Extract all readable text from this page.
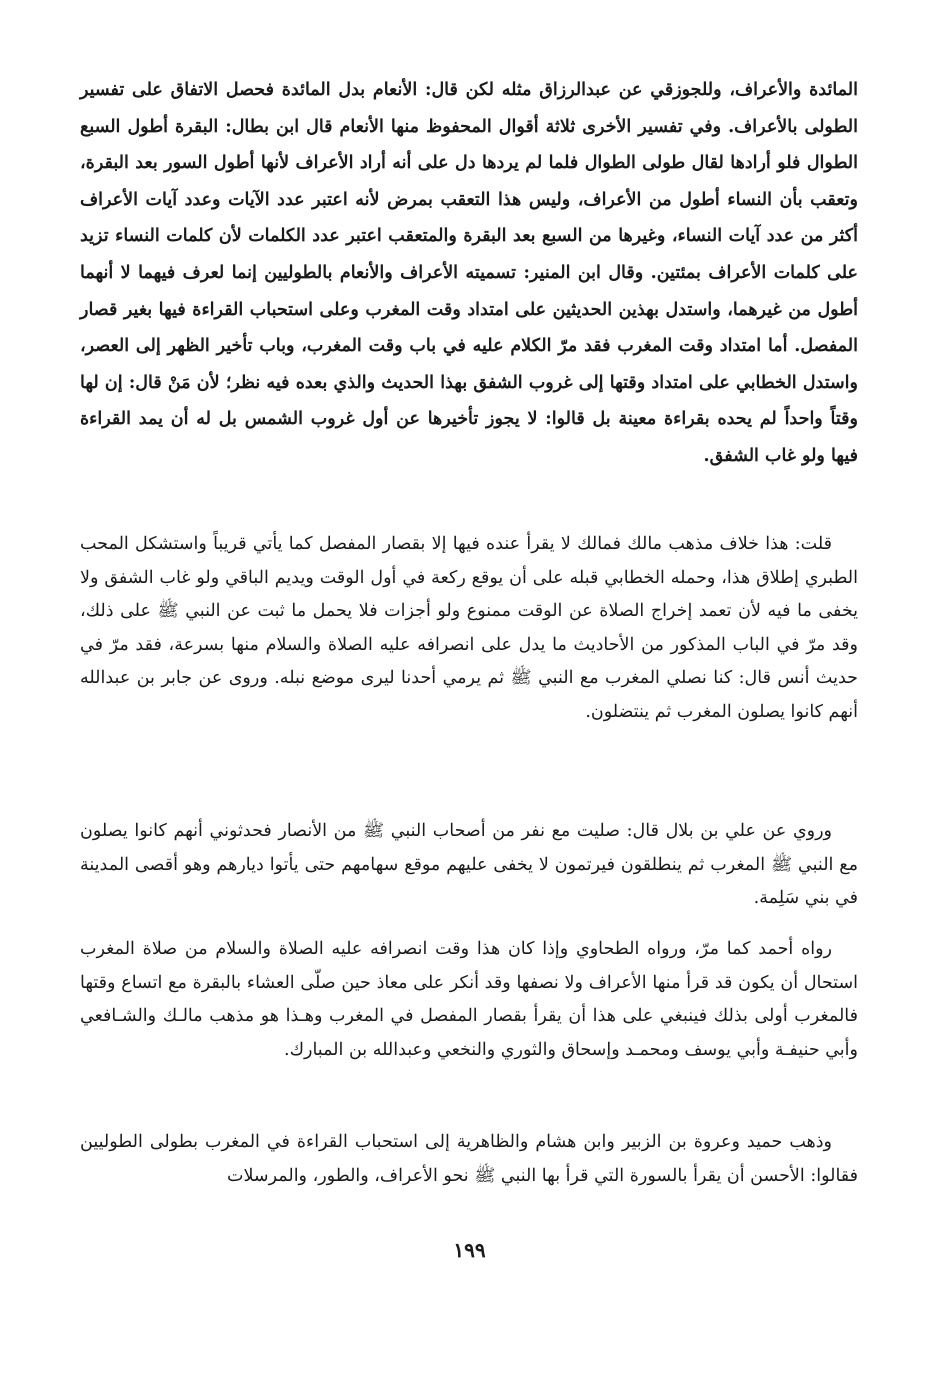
المائدة والأعراف، وللجوزقي عن عبدالرزاق مثله لكن قال: الأنعام بدل المائدة فحصل الاتفاق على تفسير الطولى بالأعراف. وفي تفسير الأخرى ثلاثة أقوال المحفوظ منها الأنعام قال ابن بطال: البقرة أطول السبع الطوال فلو أرادها لقال طولى الطوال فلما لم يردها دل على أنه أراد الأعراف لأنها أطول السور بعد البقرة، وتعقب بأن النساء أطول من الأعراف، وليس هذا التعقب بمرض لأنه اعتبر عدد الآيات وعدد آيات الأعراف أكثر من عدد آيات النساء، وغيرها من السبع بعد البقرة والمتعقب اعتبر عدد الكلمات لأن كلمات النساء تزيد على كلمات الأعراف بمئتين. وقال ابن المنير: تسميته الأعراف والأنعام بالطوليين إنما لعرف فيهما لا أنهما أطول من غيرهما، واستدل بهذين الحديثين على امتداد وقت المغرب وعلى استحباب القراءة فيها بغير قصار المفصل. أما امتداد وقت المغرب فقد مرّ الكلام عليه في باب وقت المغرب، وباب تأخير الظهر إلى العصر، واستدل الخطابي على امتداد وقتها إلى غروب الشفق بهذا الحديث والذي بعده فيه نظر؛ لأن مَنْ قال: إن لها وقتاً واحداً لم يحده بقراءة معينة بل قالوا: لا يجوز تأخيرها عن أول غروب الشمس بل له أن يمد القراءة فيها ولو غاب الشفق.

قلت: هذا خلاف مذهب مالك فمالك لا يقرأ عنده فيها إلا بقصار المفصل كما يأتي قريباً واستشكل المحب الطبري إطلاق هذا، وحمله الخطابي قبله على أن يوقع ركعة في أول الوقت ويديم الباقي ولو غاب الشفق ولا يخفى ما فيه لأن تعمد إخراج الصلاة عن الوقت ممنوع ولو أجزات فلا يحمل ما ثبت عن النبي ﷺ على ذلك، وقد مرّ في الباب المذكور من الأحاديث ما يدل على انصرافه عليه الصلاة والسلام منها بسرعة، فقد مرّ في حديث أنس قال: كنا نصلي المغرب مع النبي ﷺ ثم يرمي أحدنا ليرى موضع نبله. وروى عن جابر بن عبدالله أنهم كانوا يصلون المغرب ثم ينتضلون.

وروي عن علي بن بلال قال: صليت مع نفر من أصحاب النبي ﷺ من الأنصار فحدثوني أنهم كانوا يصلون مع النبي ﷺ المغرب ثم ينطلقون فيرتمون لا يخفى عليهم موقع سهامهم حتى يأتوا ديارهم وهو أقصى المدينة في بني سَلِمة.

رواه أحمد كما مرّ، ورواه الطحاوي وإذا كان هذا وقت انصرافه عليه الصلاة والسلام من صلاة المغرب استحال أن يكون قد قرأ منها الأعراف ولا نصفها وقد أنكر على معاذ حين صلّى العشاء بالبقرة مع اتساع وقتها فالمغرب أولى بذلك فينبغي على هذا أن يقرأ بقصار المفصل في المغرب وهـذا هو مذهب مالـك والشـافعي وأبي حنيفـة وأبي يوسف ومحمـد وإسحاق والثوري والنخعي وعبدالله بن المبارك.

وذهب حميد وعروة بن الزبير وابن هشام والظاهرية إلى استحباب القراءة في المغرب بطولى الطوليين فقالوا: الأحسن أن يقرأ بالسورة التي قرأ بها النبي ﷺ نحو الأعراف، والطور، والمرسلات

١٩٩
